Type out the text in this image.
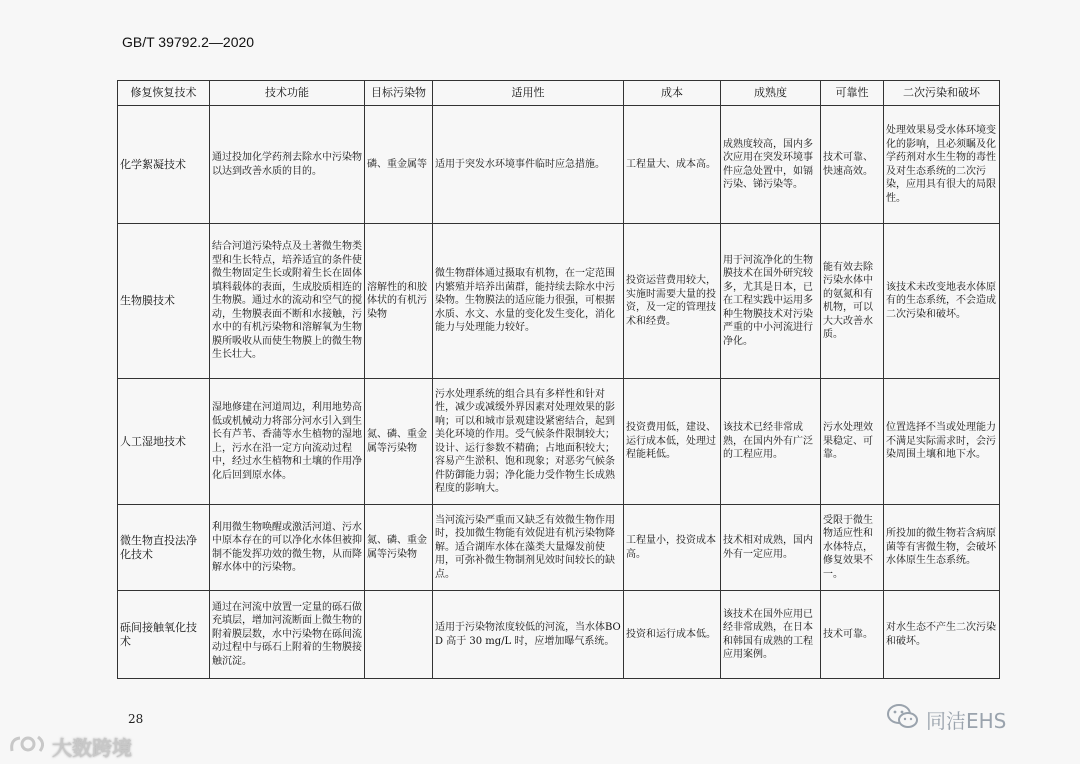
GB/T 39792.2—2020
修复恢复技术	技术功能	目标污染物	适用性	成本	成熟度	可靠性	二次污染和破坏
化学絮凝技术	通过投加化学药剂去除水中污染物以达到改善水质的目的。	磷、重金属等	适用于突发水环境事件临时应急措施。	工程量大、成本高。	成熟度较高，国内多次应用在突发环境事件应急处置中，如镉污染、锑污染等。	技术可靠、快速高效。	处理效果易受水体环境变化的影响，且必须瞩及化学药剂对水生生物的毒性及对生态系统的二次污染，应用具有很大的局限性。
生物膜技术	结合河道污染特点及土著微生物类型和生长特点，培养适宜的条件使微生物固定生长或附着生长在固体填料载体的表面，生成胶质相连的生物膜。通过水的流动和空气的搅动，生物膜表面不断和水接触，污水中的有机污染物和溶解氧为生物膜所吸收从而使生物膜上的微生物生长壮大。	溶解性的和胶体状的有机污染物	微生物群体通过摄取有机物，在一定范围内繁殖并培养出菌群，能持续去除水中污染物。生物膜法的适应能力很强，可根据水质、水文、水量的变化发生变化，消化能力与处理能力较好。	投资运营费用较大，实施时需要大量的投资，及一定的管理技术和经费。	用于河流净化的生物膜技术在国外研究较多，尤其是日本，已在工程实践中运用多种生物膜技术对污染严重的中小河流进行净化。	能有效去除污染水体中的氨氮和有机物，可以大大改善水质。	该技术未改变地表水体原有的生态系统，不会造成二次污染和破坏。
人工湿地技术	湿地修建在河道周边，利用地势高低或机械动力将部分河水引入到生长有芦苇、香蒲等水生植物的湿地上，污水在沿一定方向流动过程中，经过水生植物和土壤的作用净化后回到原水体。	氮、磷、重金属等污染物	污水处理系统的组合具有多样性和针对性，减少或减缓外界因素对处理效果的影响；可以和城市景观建设紧密结合，起到美化环境的作用。受气候条件限制较大；设计、运行参数不精确；占地面积较大；容易产生淤积、饱和现象；对恶劣气候条件防御能力弱；净化能力受作物生长成熟程度的影响大。	投资费用低，建设、运行成本低，处理过程能耗低。	该技术已经非常成熟，在国内外有广泛的工程应用。	污水处理效果稳定、可靠。	位置选择不当或处理能力不满足实际需求时，会污染周围土壤和地下水。
微生物直投法净化技术	利用微生物唤醒或激活河道、污水中原本存在的可以净化水体但被抑制不能发挥功效的微生物，从而降解水体中的污染物。	氮、磷、重金属等污染物	当河流污染严重而又缺乏有效微生物作用时，投加微生物能有效促进有机污染物降解。适合湖库水体在藻类大量爆发前使用，可弥补微生物制剂见效时间较长的缺点。	工程量小，投资成本高。	技术相对成熟，国内外有一定应用。	受限于微生物适应性和水体特点，修复效果不一。	所投加的微生物若含病原菌等有害微生物，会破坏水体原生生态系统。
砾间接触氧化技术	通过在河流中放置一定量的砾石做充填层，增加河流断面上微生物的附着膜层数，水中污染物在砾间流动过程中与砾石上附着的生物膜接触沉淀。		适用于污染物浓度较低的河流，当水体BOD 高于 30 mg/L 时，应增加曝气系统。	投资和运行成本低。	该技术在国外应用已经非常成熟，在日本和韩国有成熟的工程应用案例。	技术可靠。	对水生态不产生二次污染和破坏。
28
大数跨境
同洁EHS
